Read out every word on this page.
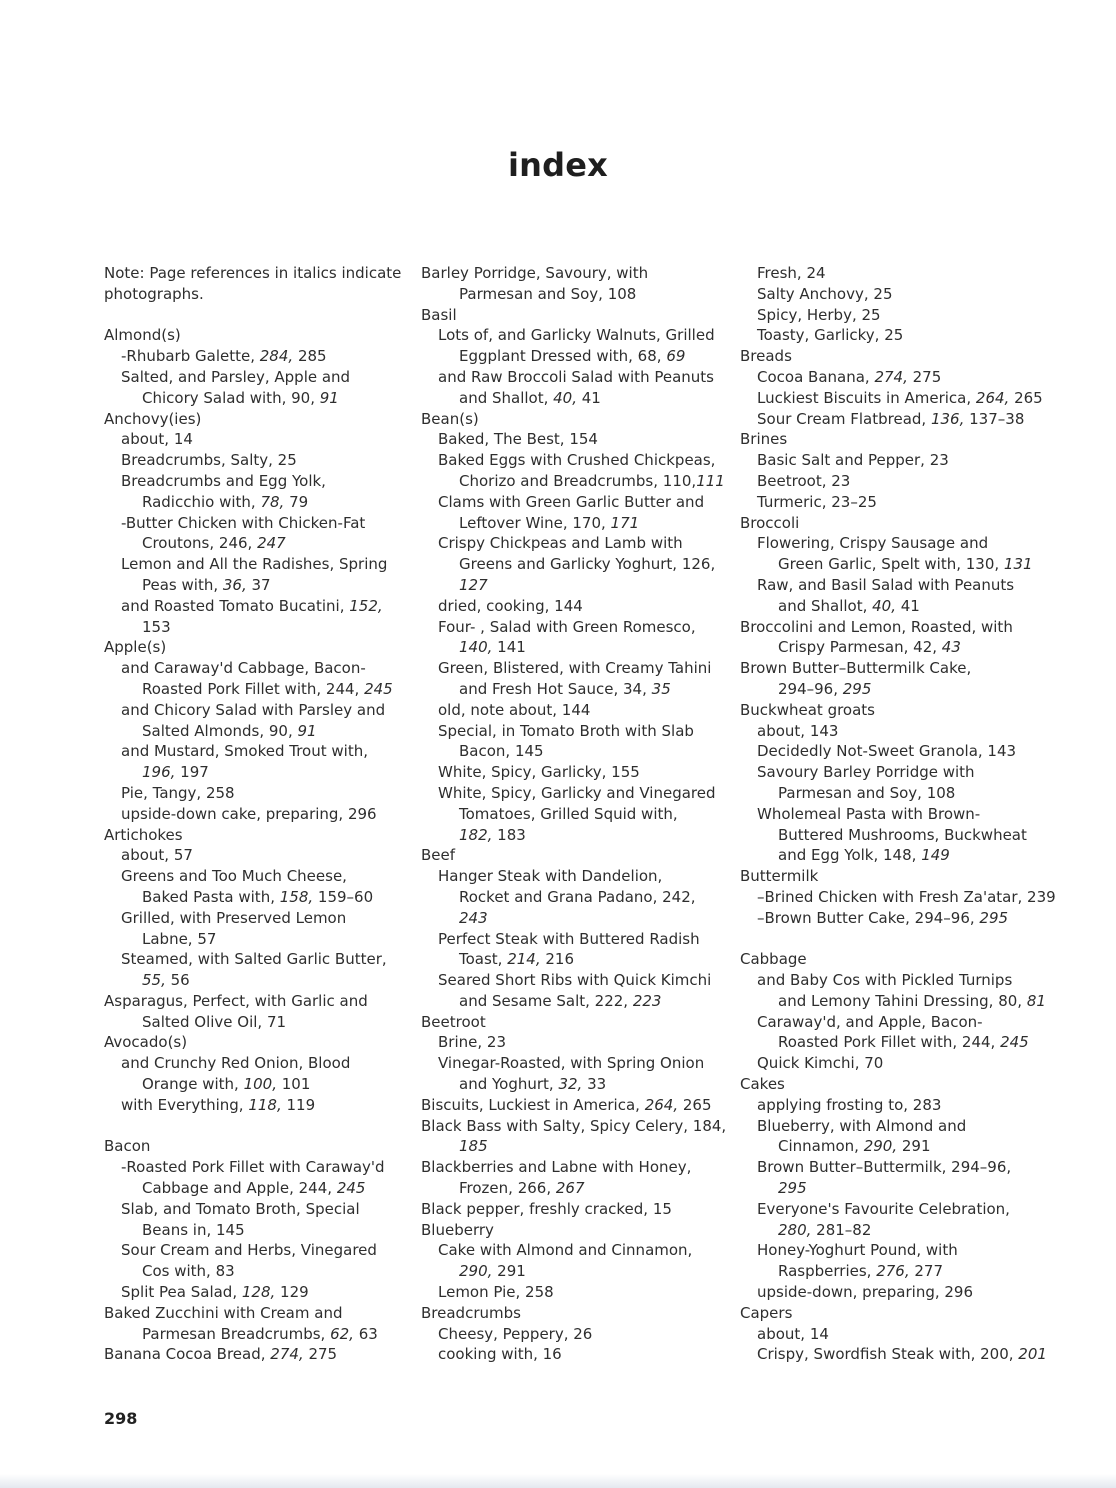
index
Note: Page references in italics indicate
photographs.
Almond(s)
-Rhubarb Galette, 284, 285
Salted, and Parsley, Apple and
Chicory Salad with, 90, 91
Anchovy(ies)
about, 14
Breadcrumbs, Salty, 25
Breadcrumbs and Egg Yolk,
Radicchio with, 78, 79
-Butter Chicken with Chicken-Fat
Croutons, 246, 247
Lemon and All the Radishes, Spring
Peas with, 36, 37
and Roasted Tomato Bucatini, 152,
153
Apple(s)
and Caraway'd Cabbage, Bacon-
Roasted Pork Fillet with, 244, 245
and Chicory Salad with Parsley and
Salted Almonds, 90, 91
and Mustard, Smoked Trout with,
196, 197
Pie, Tangy, 258
upside-down cake, preparing, 296
Artichokes
about, 57
Greens and Too Much Cheese,
Baked Pasta with, 158, 159–60
Grilled, with Preserved Lemon
Labne, 57
Steamed, with Salted Garlic Butter,
55, 56
Asparagus, Perfect, with Garlic and
Salted Olive Oil, 71
Avocado(s)
and Crunchy Red Onion, Blood
Orange with, 100, 101
with Everything, 118, 119
Bacon
-Roasted Pork Fillet with Caraway'd
Cabbage and Apple, 244, 245
Slab, and Tomato Broth, Special
Beans in, 145
Sour Cream and Herbs, Vinegared
Cos with, 83
Split Pea Salad, 128, 129
Baked Zucchini with Cream and
Parmesan Breadcrumbs, 62, 63
Banana Cocoa Bread, 274, 275
Barley Porridge, Savoury, with
Parmesan and Soy, 108
Basil
Lots of, and Garlicky Walnuts, Grilled
Eggplant Dressed with, 68, 69
and Raw Broccoli Salad with Peanuts
and Shallot, 40, 41
Bean(s)
Baked, The Best, 154
Baked Eggs with Crushed Chickpeas,
Chorizo and Breadcrumbs, 110,111
Clams with Green Garlic Butter and
Leftover Wine, 170, 171
Crispy Chickpeas and Lamb with
Greens and Garlicky Yoghurt, 126,
127
dried, cooking, 144
Four- , Salad with Green Romesco,
140, 141
Green, Blistered, with Creamy Tahini
and Fresh Hot Sauce, 34, 35
old, note about, 144
Special, in Tomato Broth with Slab
Bacon, 145
White, Spicy, Garlicky, 155
White, Spicy, Garlicky and Vinegared
Tomatoes, Grilled Squid with,
182, 183
Beef
Hanger Steak with Dandelion,
Rocket and Grana Padano, 242,
243
Perfect Steak with Buttered Radish
Toast, 214, 216
Seared Short Ribs with Quick Kimchi
and Sesame Salt, 222, 223
Beetroot
Brine, 23
Vinegar-Roasted, with Spring Onion
and Yoghurt, 32, 33
Biscuits, Luckiest in America, 264, 265
Black Bass with Salty, Spicy Celery, 184,
185
Blackberries and Labne with Honey,
Frozen, 266, 267
Black pepper, freshly cracked, 15
Blueberry
Cake with Almond and Cinnamon,
290, 291
Lemon Pie, 258
Breadcrumbs
Cheesy, Peppery, 26
cooking with, 16
Fresh, 24
Salty Anchovy, 25
Spicy, Herby, 25
Toasty, Garlicky, 25
Breads
Cocoa Banana, 274, 275
Luckiest Biscuits in America, 264, 265
Sour Cream Flatbread, 136, 137–38
Brines
Basic Salt and Pepper, 23
Beetroot, 23
Turmeric, 23–25
Broccoli
Flowering, Crispy Sausage and
Green Garlic, Spelt with, 130, 131
Raw, and Basil Salad with Peanuts
and Shallot, 40, 41
Broccolini and Lemon, Roasted, with
Crispy Parmesan, 42, 43
Brown Butter–Buttermilk Cake,
294–96, 295
Buckwheat groats
about, 143
Decidedly Not-Sweet Granola, 143
Savoury Barley Porridge with
Parmesan and Soy, 108
Wholemeal Pasta with Brown-
Buttered Mushrooms, Buckwheat
and Egg Yolk, 148, 149
Buttermilk
–Brined Chicken with Fresh Za'atar, 239
–Brown Butter Cake, 294–96, 295
Cabbage
and Baby Cos with Pickled Turnips
and Lemony Tahini Dressing, 80, 81
Caraway'd, and Apple, Bacon-
Roasted Pork Fillet with, 244, 245
Quick Kimchi, 70
Cakes
applying frosting to, 283
Blueberry, with Almond and
Cinnamon, 290, 291
Brown Butter–Buttermilk, 294–96,
295
Everyone's Favourite Celebration,
280, 281–82
Honey-Yoghurt Pound, with
Raspberries, 276, 277
upside-down, preparing, 296
Capers
about, 14
Crispy, Swordfish Steak with, 200, 201
298
